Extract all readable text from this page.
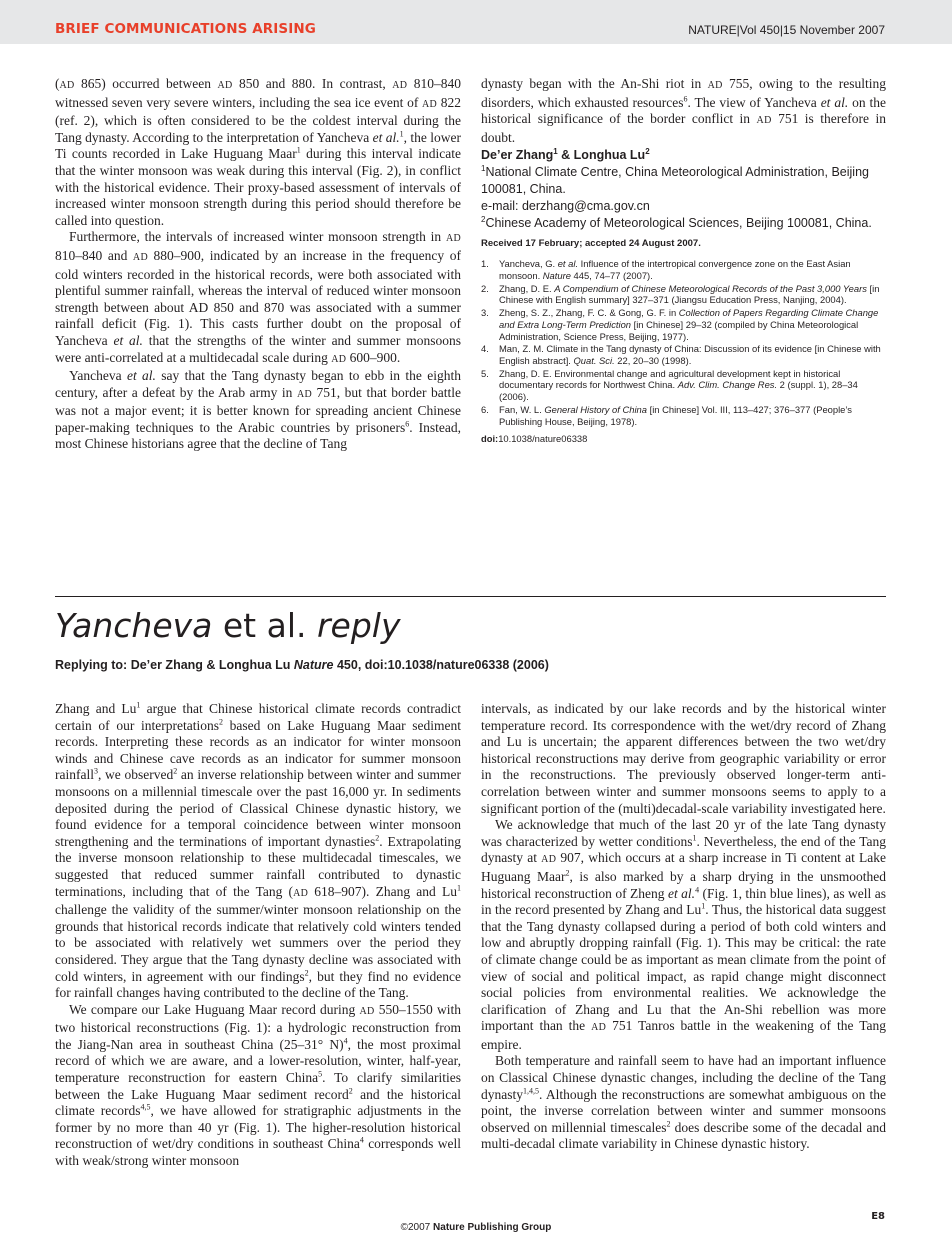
BRIEF COMMUNICATIONS ARISING	NATURE|Vol 450|15 November 2007

(AD 865) occurred between AD 850 and 880. In contrast, AD 810–840 witnessed seven very severe winters, including the sea ice event of AD 822 (ref. 2), which is often considered to be the coldest interval during the Tang dynasty. According to the interpretation of Yancheva et al.$^1$, the lower Ti counts recorded in Lake Huguang Maar$^1$ during this interval indicate that the winter monsoon was weak during this interval (Fig. 2), in conflict with the historical evidence. Their proxy-based assessment of intervals of increased winter monsoon strength during this period should therefore be called into question.

Furthermore, the intervals of increased winter monsoon strength in AD 810–840 and AD 880–900, indicated by an increase in the frequency of cold winters recorded in the historical records, were both associated with plentiful summer rainfall, whereas the interval of reduced winter monsoon strength between about AD 850 and 870 was associated with a summer rainfall deficit (Fig. 1). This casts further doubt on the proposal of Yancheva et al. that the strengths of the winter and summer monsoons were anti-correlated at a multidecadal scale during AD 600–900.

Yancheva et al. say that the Tang dynasty began to ebb in the eighth century, after a defeat by the Arab army in AD 751, but that border battle was not a major event; it is better known for spreading ancient Chinese paper-making techniques to the Arabic countries by prisoners$^6$. Instead, most Chinese historians agree that the decline of Tang

dynasty began with the An-Shi riot in AD 755, owing to the resulting disorders, which exhausted resources$^6$. The view of Yancheva et al. on the historical significance of the border conflict in AD 751 is therefore in doubt.

De’er Zhang$^1$ & Longhua Lu$^2$
$^1$National Climate Centre, China Meteorological Administration, Beijing 100081, China.
e-mail: derzhang@cma.gov.cn
$^2$Chinese Academy of Meteorological Sciences, Beijing 100081, China.
Received 17 February; accepted 24 August 2007.
1. Yancheva, G. et al. Influence of the intertropical convergence zone on the East Asian monsoon. Nature 445, 74–77 (2007).
2. Zhang, D. E. A Compendium of Chinese Meteorological Records of the Past 3,000 Years [in Chinese with English summary] 327–371 (Jiangsu Education Press, Nanjing, 2004).
3. Zheng, S. Z., Zhang, F. C. & Gong, G. F. in Collection of Papers Regarding Climate Change and Extra Long-Term Prediction [in Chinese] 29–32 (compiled by China Meteorological Administration, Science Press, Beijing, 1977).
4. Man, Z. M. Climate in the Tang dynasty of China: Discussion of its evidence [in Chinese with English abstract]. Quat. Sci. 22, 20–30 (1998).
5. Zhang, D. E. Environmental change and agricultural development kept in historical documentary records for Northwest China. Adv. Clim. Change Res. 2 (suppl. 1), 28–34 (2006).
6. Fan, W. L. General History of China [in Chinese] Vol. III, 113–427; 376–377 (People’s Publishing House, Beijing, 1978).
doi:10.1038/nature06338
Yancheva et al. reply
Replying to: De’er Zhang & Longhua Lu Nature 450, doi:10.1038/nature06338 (2006)

Zhang and Lu$^1$ argue that Chinese historical climate records contradict certain of our interpretations$^2$ based on Lake Huguang Maar sediment records. Interpreting these records as an indicator for winter monsoon winds and Chinese cave records as an indicator for summer monsoon rainfall$^3$, we observed$^2$ an inverse relationship between winter and summer monsoons on a millennial timescale over the past 16,000 yr. In sediments deposited during the period of Classical Chinese dynastic history, we found evidence for a temporal coincidence between winter monsoon strengthening and the terminations of important dynasties$^2$. Extrapolating the inverse monsoon relationship to these multidecadal timescales, we suggested that reduced summer rainfall contributed to dynastic terminations, including that of the Tang (AD 618–907). Zhang and Lu$^1$ challenge the validity of the summer/winter monsoon relationship on the grounds that historical records indicate that relatively cold winters tended to be associated with relatively wet summers over the period they considered. They argue that the Tang dynasty decline was associated with cold winters, in agreement with our findings$^2$, but they find no evidence for rainfall changes having contributed to the decline of the Tang.

We compare our Lake Huguang Maar record during AD 550–1550 with two historical reconstructions (Fig. 1): a hydrologic reconstruction from the Jiang-Nan area in southeast China (25–31° N)$^4$, the most proximal record of which we are aware, and a lower-resolution, winter, half-year, temperature reconstruction for eastern China$^5$. To clarify similarities between the Lake Huguang Maar sediment record$^2$ and the historical climate records$^{4,5}$, we have allowed for stratigraphic adjustments in the former by no more than 40 yr (Fig. 1). The higher-resolution historical reconstruction of wet/dry conditions in southeast China$^4$ corresponds well with weak/strong winter monsoon

intervals, as indicated by our lake records and by the historical winter temperature record. Its correspondence with the wet/dry record of Zhang and Lu is uncertain; the apparent differences between the two wet/dry historical reconstructions may derive from geographic variability or error in the reconstructions. The previously observed longer-term anti-correlation between winter and summer monsoons seems to apply to a significant portion of the (multi)decadal-scale variability investigated here.

We acknowledge that much of the last 20 yr of the late Tang dynasty was characterized by wetter conditions$^1$. Nevertheless, the end of the Tang dynasty at AD 907, which occurs at a sharp increase in Ti content at Lake Huguang Maar$^2$, is also marked by a sharp drying in the unsmoothed historical reconstruction of Zheng et al.$^4$ (Fig. 1, thin blue lines), as well as in the record presented by Zhang and Lu$^1$. Thus, the historical data suggest that the Tang dynasty collapsed during a period of both cold winters and low and abruptly dropping rainfall (Fig. 1). This may be critical: the rate of climate change could be as important as mean climate from the point of view of social and political impact, as rapid change might disconnect social policies from environmental realities. We acknowledge the clarification of Zhang and Lu that the An-Shi rebellion was more important than the AD 751 Tanros battle in the weakening of the Tang empire.

Both temperature and rainfall seem to have had an important influence on Classical Chinese dynastic changes, including the decline of the Tang dynasty$^{1,4,5}$. Although the reconstructions are somewhat ambiguous on the point, the inverse correlation between winter and summer monsoons observed on millennial timescales$^2$ does describe some of the decadal and multi-decadal climate variability in Chinese dynastic history.

E8
©2007 Nature Publishing Group
